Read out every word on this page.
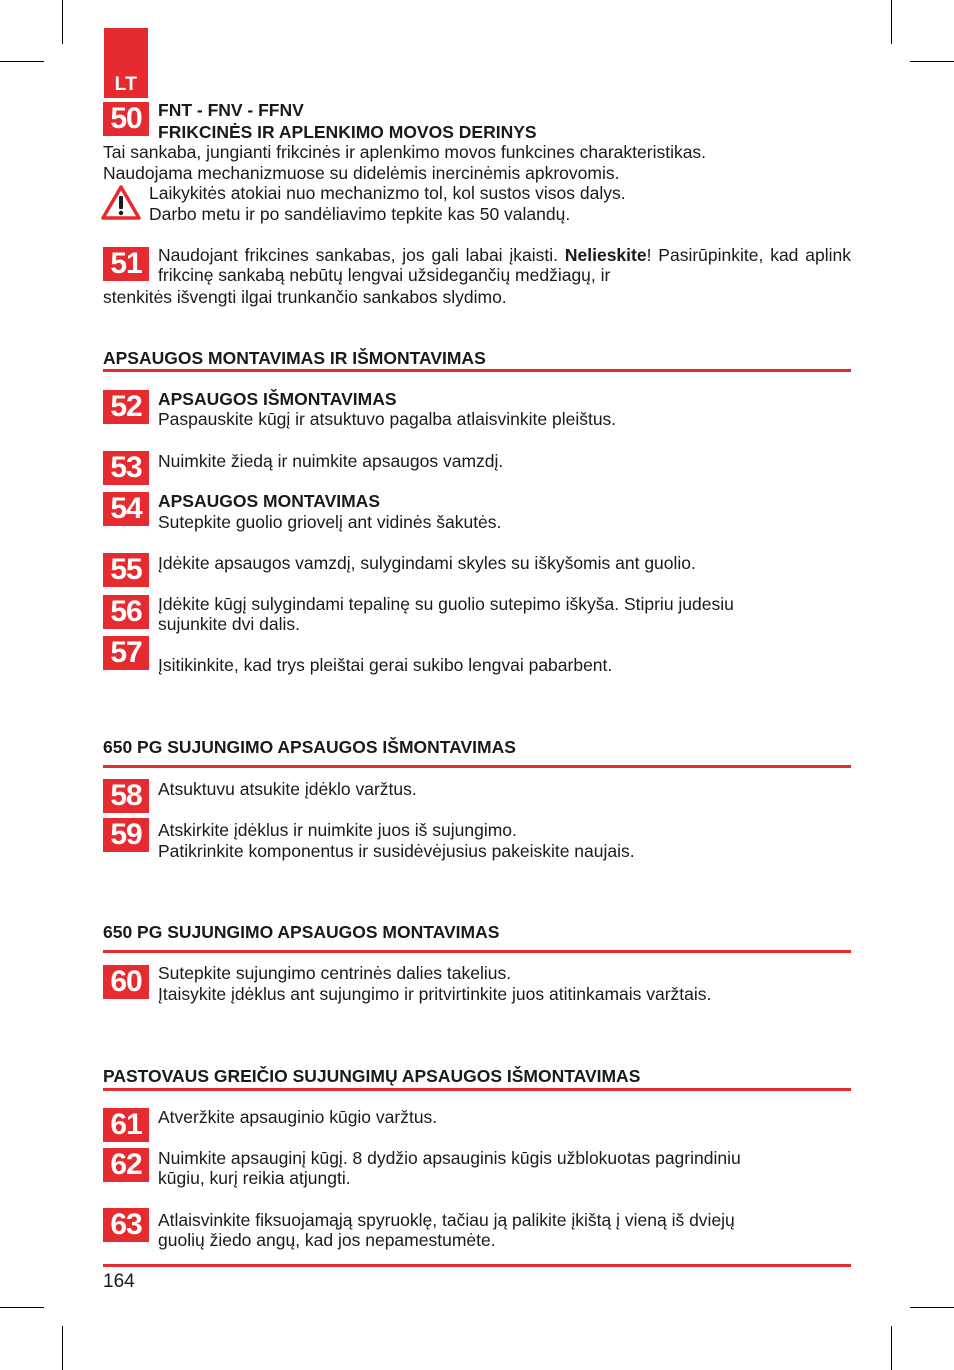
LT
50 FNT - FNV - FFNV
FRIKCINĖS IR APLENKIMO MOVOS DERINYS
Tai sankaba, jungianti frikcinės ir aplenkimo movos funkcines charakteristikas.
Naudojama mechanizmuose su didelėmis inercinėmis apkrovomis.
Laikykitės atokiai nuo mechanizmo tol, kol sustos visos dalys.
Darbo metu ir po sandėliavimo tepkite kas 50 valandų.
51 Naudojant frikcines sankabas, jos gali labai įkaisti. Nelieskite! Pasirūpinkite, kad aplink frikcinę sankabą nebūtų lengvai užsidegančių medžiagų, ir
stenkitės išvengti ilgai trunkančio sankabos slydimo.
APSAUGOS MONTAVIMAS IR IŠMONTAVIMAS
52 APSAUGOS IŠMONTAVIMAS
Paspauskite kūgį ir atsuktuvo pagalba atlaisvinkite pleištus.
53 Nuimkite žiedą ir nuimkite apsaugos vamzdį.
54 APSAUGOS MONTAVIMAS
Sutepkite guolio griovelį ant vidinės šakutės.
55 Įdėkite apsaugos vamzdį, sulygindami skyles su iškyšomis ant guolio.
56 Įdėkite kūgį sulygindami tepalinę su guolio sutepimo iškyša. Stipriu judesiu
sujunkite dvi dalis.
57 Įsitikinkite, kad trys pleištai gerai sukibo lengvai pabarbent.
650 PG SUJUNGIMO APSAUGOS IŠMONTAVIMAS
58 Atsuktuvu atsukite įdėklo varžtus.
59 Atskirkite įdėklus ir nuimkite juos iš sujungimo.
Patikrinkite komponentus ir susidėvėjusius pakeiskite naujais.
650 PG SUJUNGIMO APSAUGOS MONTAVIMAS
60 Sutepkite sujungimo centrinės dalies takelius.
Įtaisykite įdėklus ant sujungimo ir pritvirtinkite juos atitinkamais varžtais.
PASTOVAUS GREIČIO SUJUNGIMŲ APSAUGOS IŠMONTAVIMAS
61 Atveržkite apsauginio kūgio varžtus.
62 Nuimkite apsauginį kūgį. 8 dydžio apsauginis kūgis užblokuotas pagrindiniu
kūgiu, kurį reikia atjungti.
63 Atlaisvinkite fiksuojamąją spyruoklę, tačiau ją palikite įkištą į vieną iš dviejų
guolių žiedo angų, kad jos nepamestumėte.
164
